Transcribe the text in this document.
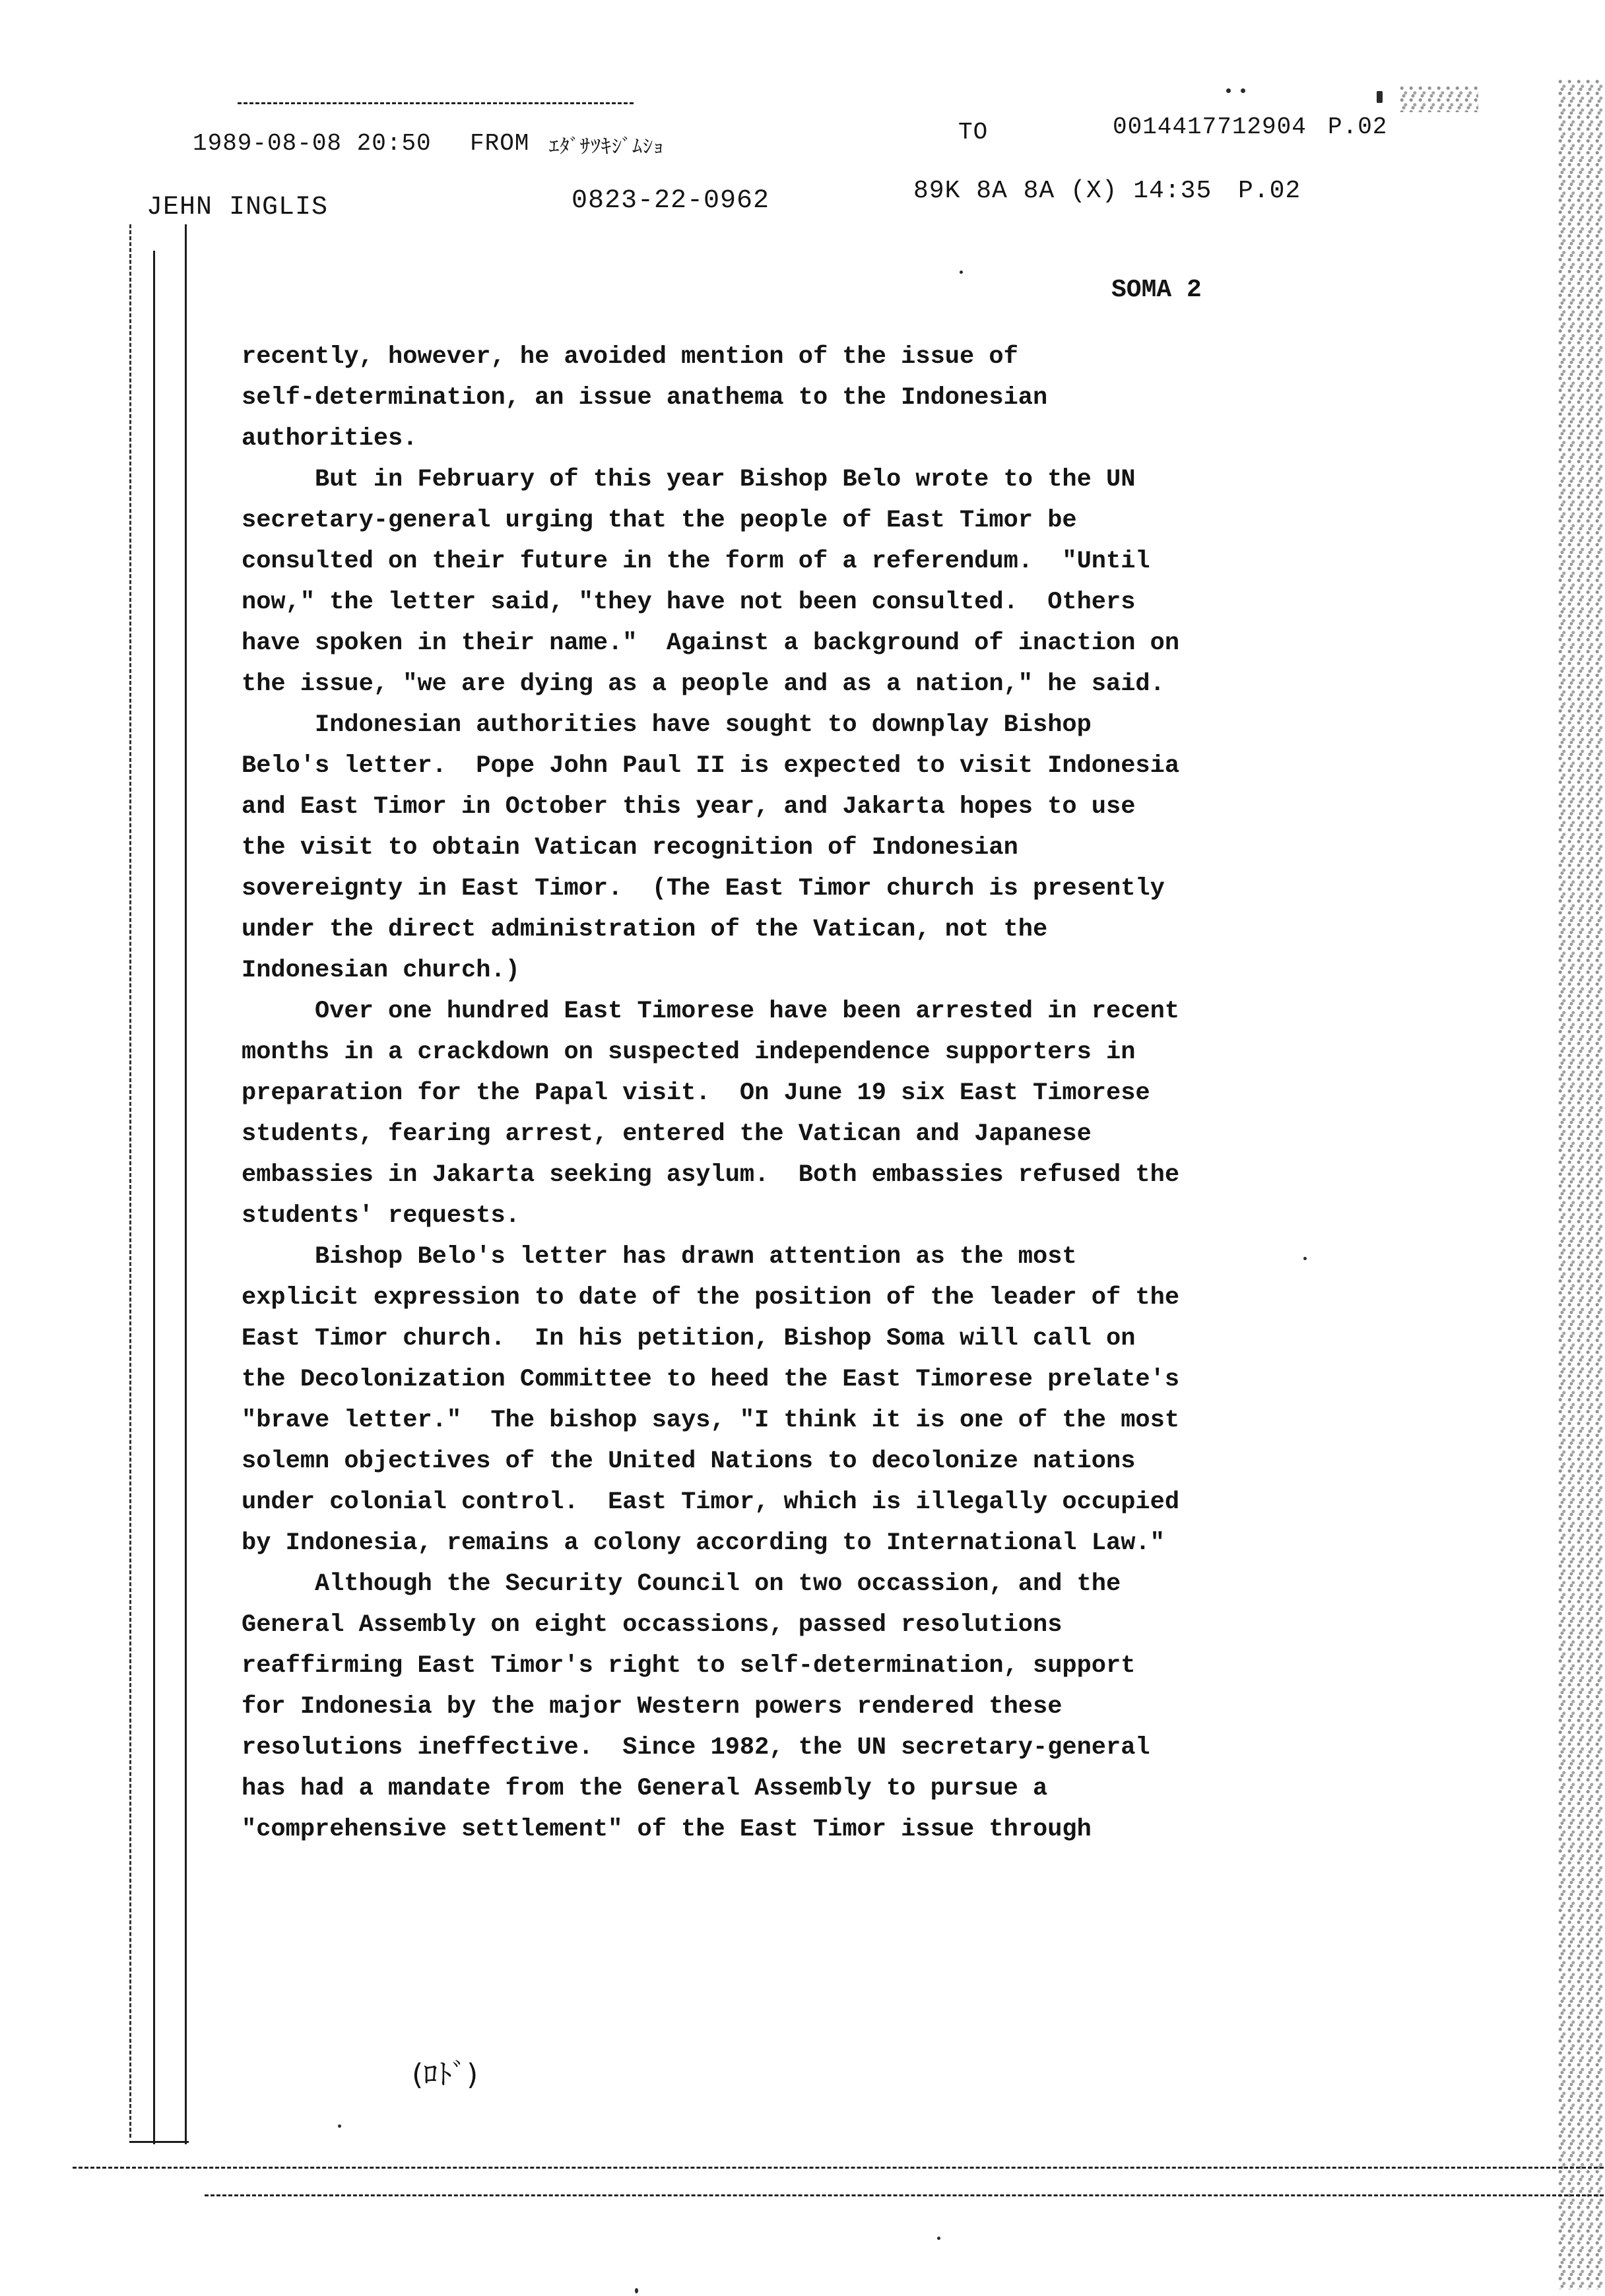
1989-08-08 20:50 FROM ｴﾀﾞｻﾂｷｼﾞﾑｼｮ
TO	0014417712904 P.02
JEHN INGLIS	0823-22-0962	89K 8A 8A (X) 14:35 P.02
SOMA 2
recently, however, he avoided mention of the issue of
self-determination, an issue anathema to the Indonesian
authorities.
But in February of this year Bishop Belo wrote to the UN
secretary-general urging that the people of East Timor be
consulted on their future in the form of a referendum.  "Until
now," the letter said, "they have not been consulted.  Others
have spoken in their name."  Against a background of inaction on
the issue, "we are dying as a people and as a nation," he said.
Indonesian authorities have sought to downplay Bishop
Belo's letter.  Pope John Paul II is expected to visit Indonesia
and East Timor in October this year, and Jakarta hopes to use
the visit to obtain Vatican recognition of Indonesian
sovereignty in East Timor.  (The East Timor church is presently
under the direct administration of the Vatican, not the
Indonesian church.)
Over one hundred East Timorese have been arrested in recent
months in a crackdown on suspected independence supporters in
preparation for the Papal visit.  On June 19 six East Timorese
students, fearing arrest, entered the Vatican and Japanese
embassies in Jakarta seeking asylum.  Both embassies refused the
students' requests.
Bishop Belo's letter has drawn attention as the most
explicit expression to date of the position of the leader of the
East Timor church.  In his petition, Bishop Soma will call on
the Decolonization Committee to heed the East Timorese prelate's
"brave letter."  The bishop says, "I think it is one of the most
solemn objectives of the United Nations to decolonize nations
under colonial control.  East Timor, which is illegally occupied
by Indonesia, remains a colony according to International Law."
Although the Security Council on two occassion, and the
General Assembly on eight occassions, passed resolutions
reaffirming East Timor's right to self-determination, support
for Indonesia by the major Western powers rendered these
resolutions ineffective.  Since 1982, the UN secretary-general
has had a mandate from the General Assembly to pursue a
"comprehensive settlement" of the East Timor issue through
(ﾛﾄﾞ)
